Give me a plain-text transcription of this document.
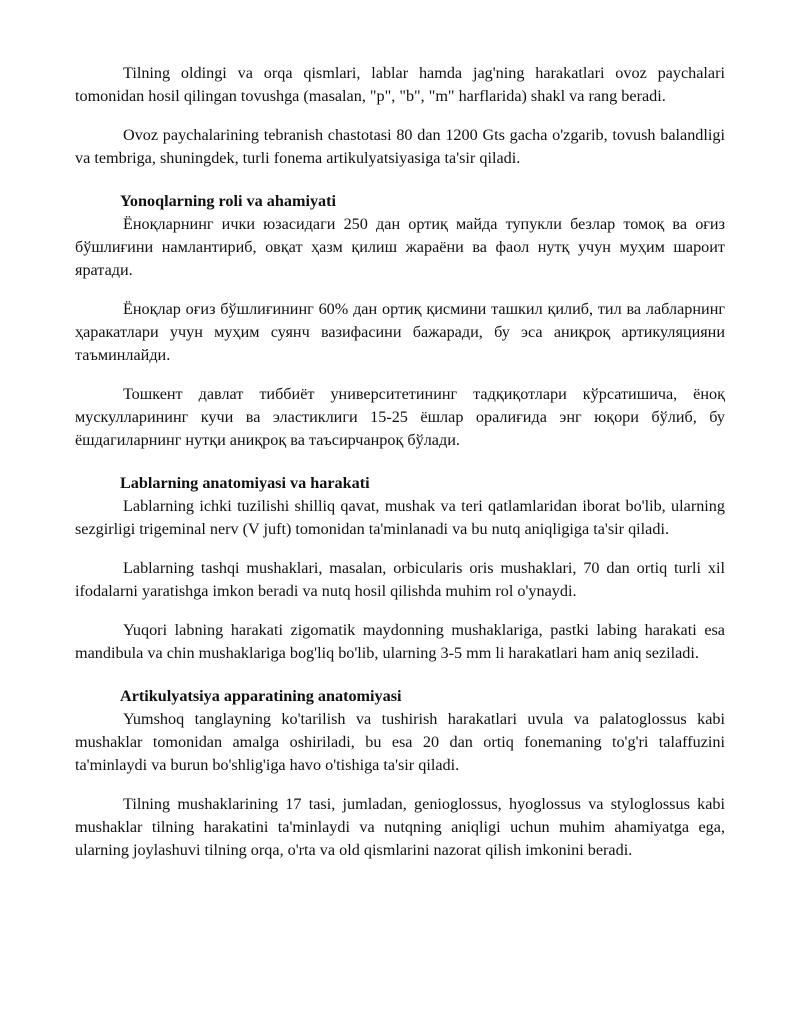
Tilning oldingi va orqa qismlari, lablar hamda jag'ning harakatlari ovoz paychalari tomonidan hosil qilingan tovushga (masalan, "p", "b", "m" harflarida) shakl va rang beradi.

Ovoz paychalarining tebranish chastotasi 80 dan 1200 Gts gacha o'zgarib, tovush balandligi va tembriga, shuningdek, turli fonema artikulyatsiyasiga ta'sir qiladi.

Yonoqlarning roli va ahamiyati

Ёноқларнинг ички юзасидаги 250 дан ортиқ майда тупукли безлар томоқ ва оғиз бўшлиғини намлантириб, овқат ҳазм қилиш жараёни ва фаол нутқ учун муҳим шароит яратади.

Ёноқлар оғиз бўшлиғининг 60% дан ортиқ қисмини ташкил қилиб, тил ва лабларнинг ҳаракатлари учун муҳим суянч вазифасини бажаради, бу эса аниқроқ артикуляцияни таъминлайди.

Тошкент давлат тиббиёт университетининг тадқиқотлари кўрсатишича, ёноқ мускулларининг кучи ва эластиклиги 15-25 ёшлар оралиғида энг юқори бўлиб, бу ёшдагиларнинг нутқи аниқроқ ва таъсирчанроқ бўлади.

Lablarning anatomiyasi va harakati

Lablarning ichki tuzilishi shilliq qavat, mushak va teri qatlamlaridan iborat bo'lib, ularning sezgirligi trigeminal nerv (V juft) tomonidan ta'minlanadi va bu nutq aniqligiga ta'sir qiladi.

Lablarning tashqi mushaklari, masalan, orbicularis oris mushaklari, 70 dan ortiq turli xil ifodalarni yaratishga imkon beradi va nutq hosil qilishda muhim rol o'ynaydi.

Yuqori labning harakati zigomatik maydonning mushaklariga, pastki labing harakati esa mandibula va chin mushaklariga bog'liq bo'lib, ularning 3-5 mm li harakatlari ham aniq seziladi.

Artikulyatsiya apparatining anatomiyasi

Yumshoq tanglayning ko'tarilish va tushirish harakatlari uvula va palatoglossus kabi mushaklar tomonidan amalga oshiriladi, bu esa 20 dan ortiq fonemaning to'g'ri talaffuzini ta'minlaydi va burun bo'shlig'iga havo o'tishiga ta'sir qiladi.

Tilning mushaklarining 17 tasi, jumladan, genioglossus, hyoglossus va styloglossus kabi mushaklar tilning harakatini ta'minlaydi va nutqning aniqligi uchun muhim ahamiyatga ega, ularning joylashuvi tilning orqa, o'rta va old qismlarini nazorat qilish imkonini beradi.
